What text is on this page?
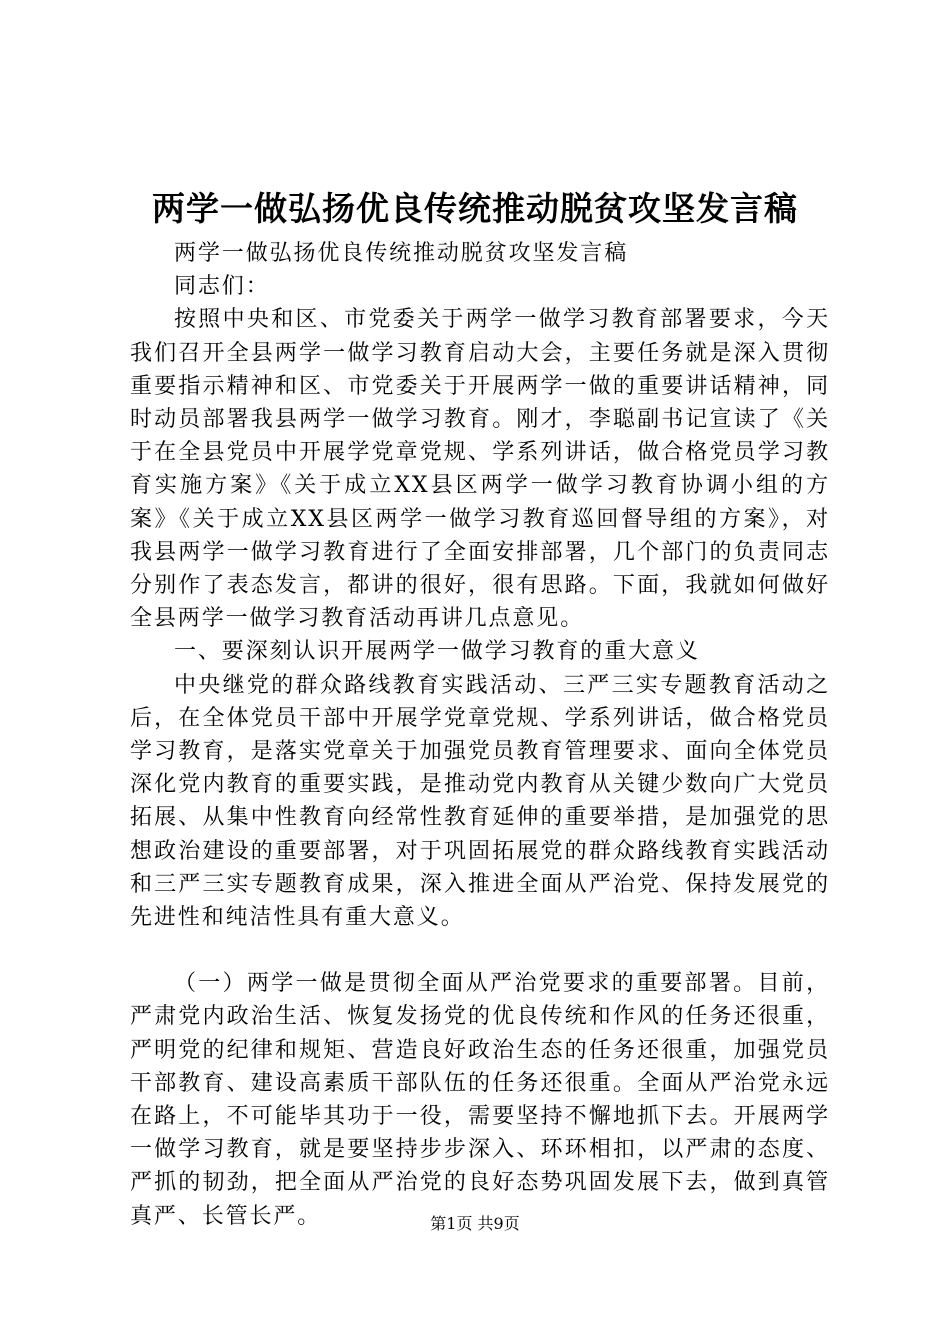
两学一做弘扬优良传统推动脱贫攻坚发言稿

两学一做弘扬优良传统推动脱贫攻坚发言稿

同志们：

按照中央和区、市党委关于两学一做学习教育部署要求，今天我们召开全县两学一做学习教育启动大会，主要任务就是深入贯彻重要指示精神和区、市党委关于开展两学一做的重要讲话精神，同时动员部署我县两学一做学习教育。刚才，李聪副书记宣读了《关于在全县党员中开展学党章党规、学系列讲话，做合格党员学习教育实施方案》《关于成立XX县区两学一做学习教育协调小组的方案》《关于成立XX县区两学一做学习教育巡回督导组的方案》，对我县两学一做学习教育进行了全面安排部署，几个部门的负责同志分别作了表态发言，都讲的很好，很有思路。下面，我就如何做好全县两学一做学习教育活动再讲几点意见。

一、要深刻认识开展两学一做学习教育的重大意义

中央继党的群众路线教育实践活动、三严三实专题教育活动之后，在全体党员干部中开展学党章党规、学系列讲话，做合格党员学习教育，是落实党章关于加强党员教育管理要求、面向全体党员深化党内教育的重要实践，是推动党内教育从关键少数向广大党员拓展、从集中性教育向经常性教育延伸的重要举措，是加强党的思想政治建设的重要部署，对于巩固拓展党的群众路线教育实践活动和三严三实专题教育成果，深入推进全面从严治党、保持发展党的先进性和纯洁性具有重大意义。

（一）两学一做是贯彻全面从严治党要求的重要部署。目前，严肃党内政治生活、恢复发扬党的优良传统和作风的任务还很重，严明党的纪律和规矩、营造良好政治生态的任务还很重，加强党员干部教育、建设高素质干部队伍的任务还很重。全面从严治党永远在路上，不可能毕其功于一役，需要坚持不懈地抓下去。开展两学一做学习教育，就是要坚持步步深入、环环相扣，以严肃的态度、严抓的韧劲，把全面从严治党的良好态势巩固发展下去，做到真管真严、长管长严。	第1页 共9页
